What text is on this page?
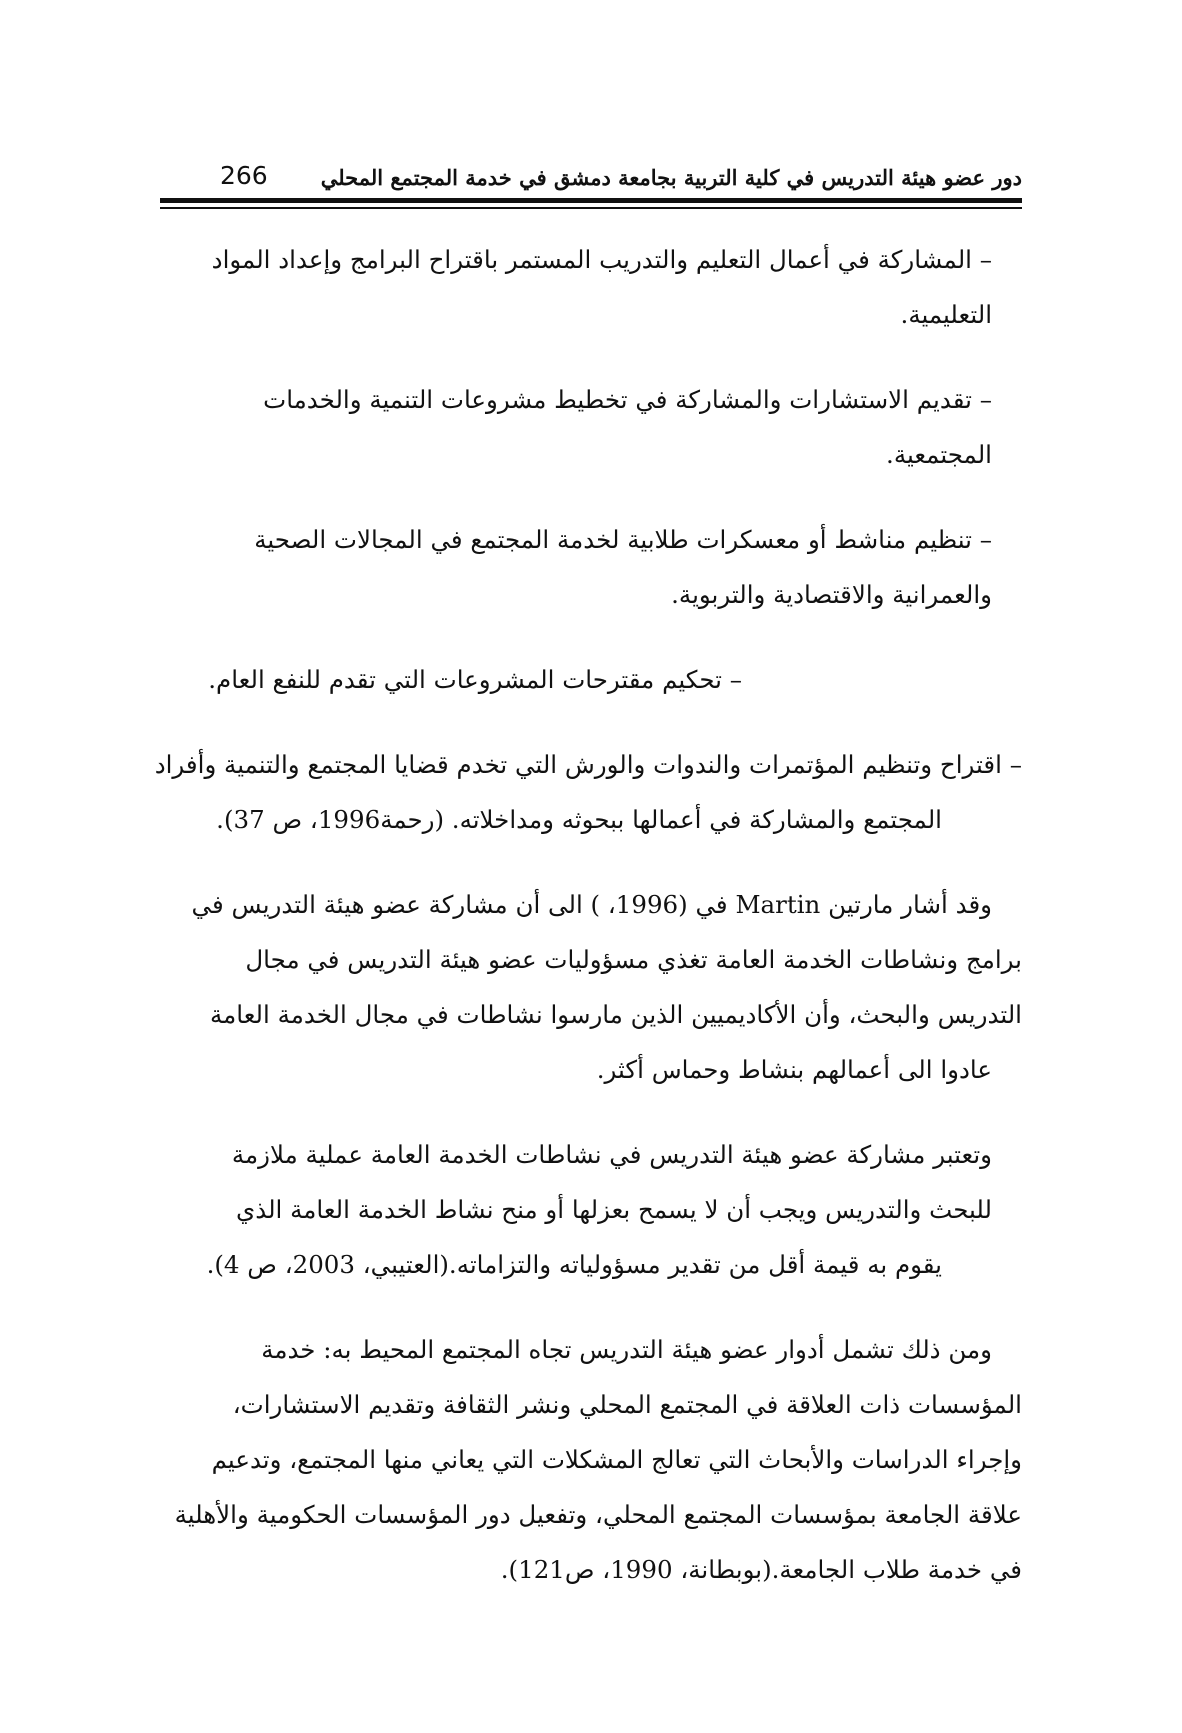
دور عضو هيئة التدريس في كلية التربية بجامعة دمشق في خدمة المجتمع المحلي
266
– المشاركة في أعمال التعليم والتدريب المستمر باقتراح البرامج وإعداد المواد
التعليمية.
– تقديم الاستشارات والمشاركة في تخطيط مشروعات التنمية والخدمات
المجتمعية.
– تنظيم مناشط أو معسكرات طلابية لخدمة المجتمع في المجالات الصحية
والعمرانية والاقتصادية والتربوية.
– تحكيم مقترحات المشروعات التي تقدم للنفع العام.
– اقتراح وتنظيم المؤتمرات والندوات والورش التي تخدم قضايا المجتمع والتنمية وأفراد
المجتمع والمشاركة في أعمالها ببحوثه ومداخلاته. (رحمة1996، ص 37).
وقد أشار مارتين Martin في (1996، ) الى أن مشاركة عضو هيئة التدريس في
برامج ونشاطات الخدمة العامة تغذي مسؤوليات عضو هيئة التدريس في مجال
التدريس والبحث، وأن الأكاديميين الذين مارسوا نشاطات في مجال الخدمة العامة
عادوا الى أعمالهم بنشاط وحماس أكثر.
وتعتبر مشاركة عضو هيئة التدريس في نشاطات الخدمة العامة عملية ملازمة
للبحث والتدريس ويجب أن لا يسمح بعزلها أو منح نشاط الخدمة العامة الذي
يقوم به قيمة أقل من تقدير مسؤولياته والتزاماته.(العتيبي، 2003، ص 4).
ومن ذلك تشمل أدوار عضو هيئة التدريس تجاه المجتمع المحيط به: خدمة
المؤسسات ذات العلاقة في المجتمع المحلي ونشر الثقافة وتقديم الاستشارات،
وإجراء الدراسات والأبحاث التي تعالج المشكلات التي يعاني منها المجتمع، وتدعيم
علاقة الجامعة بمؤسسات المجتمع المحلي، وتفعيل دور المؤسسات الحكومية والأهلية
في خدمة طلاب الجامعة.(بوبطانة، 1990، ص121).
